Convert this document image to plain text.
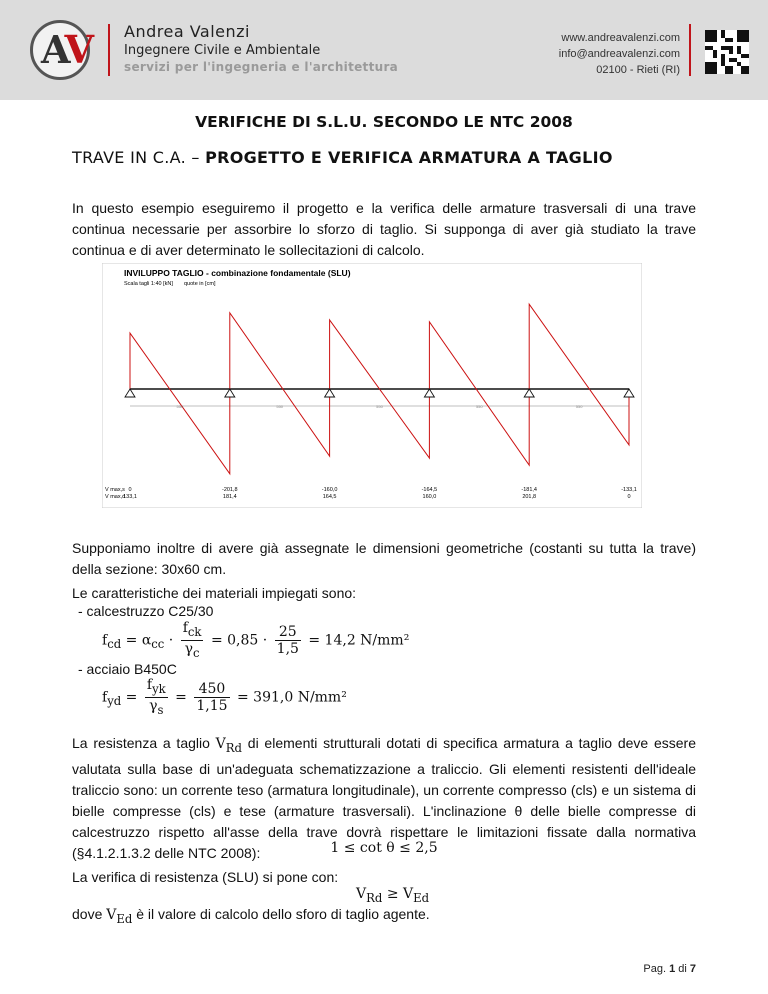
AV Andrea Valenzi
Ingegnere Civile e Ambientale
servizi per l'ingegneria e l'architettura
www.andreavalenzi.com
info@andreavalenzi.com
02100 - Rieti (RI)
VERIFICHE DI S.L.U. SECONDO LE NTC 2008
TRAVE IN C.A. – PROGETTO E VERIFICA ARMATURA A TAGLIO

In questo esempio eseguiremo il progetto e la verifica delle armature trasversali di una trave continua necessarie per assorbire lo sforzo di taglio. Si supponga di aver già studiato la trave continua e di aver determinato le sollecitazioni di calcolo.

INVILUPPO TAGLIO - combinazione fondamentale (SLU)
Scala tagli 1:40 [kN] quote in [cm]
550	550	550	550	550
V max,s
V max,d
0
133,1
-201,8
181,4
-160,0
164,5
-164,5
160,0
-181,4
201,8
-133,1
0

Supponiamo inoltre di avere già assegnate le dimensioni geometriche (costanti su tutta la trave) della sezione: 30x60 cm.

Le caratteristiche dei materiali impiegati sono:
- calcestruzzo C25/30
$f_{cd} = \alpha_{cc} \cdot \frac{f_{ck}}{\gamma_c} = 0,85 \cdot \frac{25}{1,5} = 14,2$ N/mm²
- acciaio B450C
$f_{yd} = \frac{f_{yk}}{\gamma_s} = \frac{450}{1,15} = 391,0$ N/mm²

La resistenza a taglio $V_{Rd}$ di elementi strutturali dotati di specifica armatura a taglio deve essere valutata sulla base di un'adeguata schematizzazione a traliccio. Gli elementi resistenti dell'ideale traliccio sono: un corrente teso (armatura longitudinale), un corrente compresso (cls) e un sistema di bielle compresse (cls) e tese (armature trasversali). L'inclinazione θ delle bielle compresse di calcestruzzo rispetto all'asse della trave dovrà rispettare le limitazioni fissate dalla normativa (§4.1.2.1.3.2 delle NTC 2008):	1 ≤ cot θ ≤ 2,5
La verifica di resistenza (SLU) si pone con:
$V_{Rd} \ge V_{Ed}$
dove $V_{Ed}$ è il valore di calcolo dello sforo di taglio agente.
Pag. 1 di 7
